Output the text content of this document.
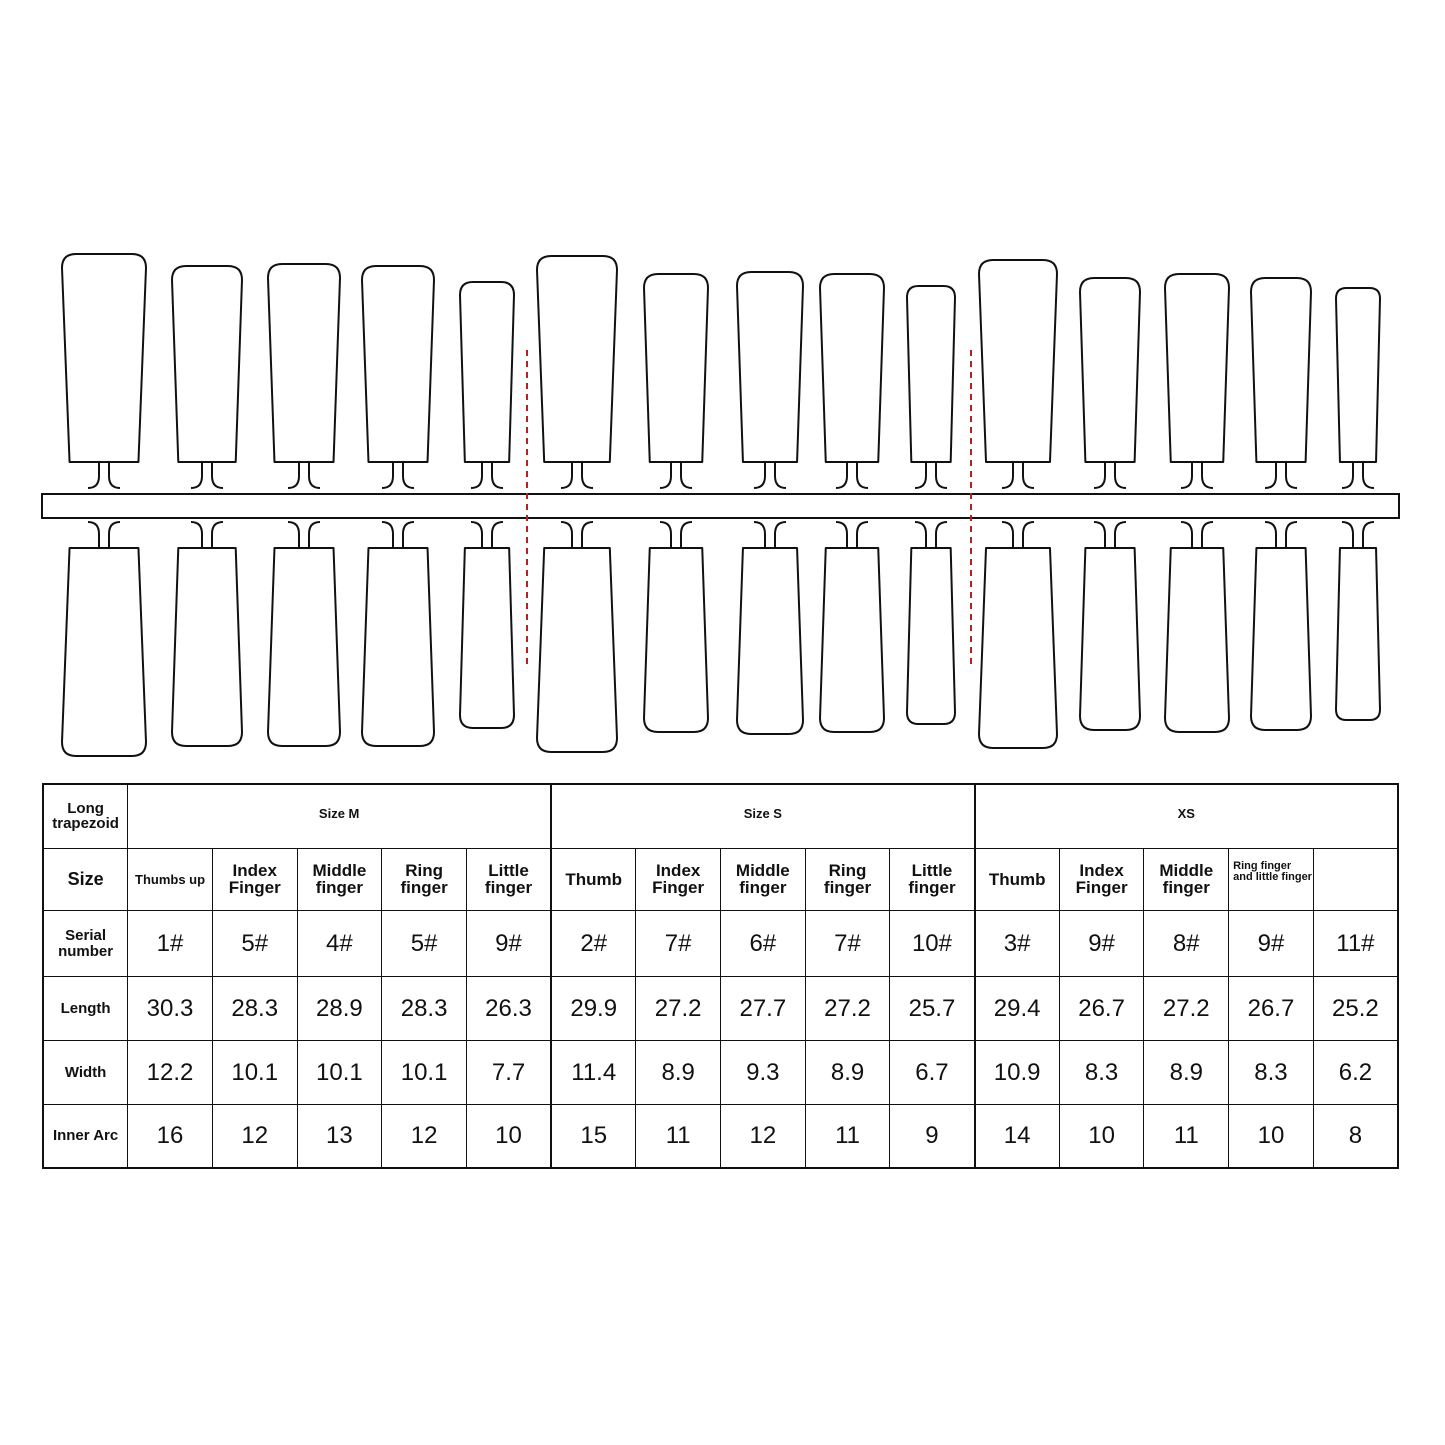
Long trapezoid	Size M					Size S					XS				
Size	Thumbs up	Index Finger	Middle finger	Ring finger	Little finger	Thumb	Index Finger	Middle finger	Ring finger	Little finger	Thumb	Index Finger	Middle finger	Ring finger and little finger	
Serial number	1#	5#	4#	5#	9#	2#	7#	6#	7#	10#	3#	9#	8#	9#	11#
Length	30.3	28.3	28.9	28.3	26.3	29.9	27.2	27.7	27.2	25.7	29.4	26.7	27.2	26.7	25.2
Width	12.2	10.1	10.1	10.1	7.7	11.4	8.9	9.3	8.9	6.7	10.9	8.3	8.9	8.3	6.2
Inner Arc	16	12	13	12	10	15	11	12	11	9	14	10	11	10	8
